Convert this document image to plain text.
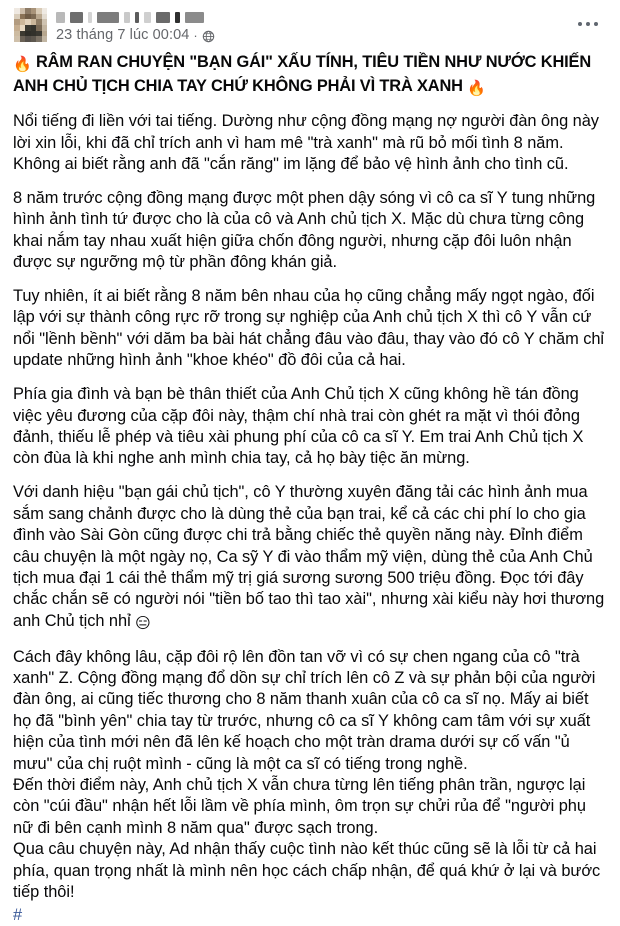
23 tháng 7 lúc 00:04 ·
🔥 RÂM RAN CHUYỆN "BẠN GÁI" XẤU TÍNH, TIÊU TIỀN NHƯ NƯỚC KHIẾN ANH CHỦ TỊCH CHIA TAY CHỨ KHÔNG PHẢI VÌ TRÀ XANH 🔥

Nổi tiếng đi liền với tai tiếng. Dường như cộng đồng mạng nợ người đàn ông này lời xin lỗi, khi đã chỉ trích anh vì ham mê "trà xanh" mà rũ bỏ mối tình 8 năm. Không ai biết rằng anh đã "cắn răng" im lặng để bảo vệ hình ảnh cho tình cũ.

8 năm trước cộng đồng mạng được một phen dậy sóng vì cô ca sĩ Y tung những hình ảnh tình tứ được cho là của cô và Anh chủ tịch X. Mặc dù chưa từng công khai nắm tay nhau xuất hiện giữa chốn đông người, nhưng cặp đôi luôn nhận được sự ngưỡng mộ từ phần đông khán giả.

Tuy nhiên, ít ai biết rằng 8 năm bên nhau của họ cũng chẳng mấy ngọt ngào, đối lập với sự thành công rực rỡ trong sự nghiệp của Anh chủ tịch X thì cô Y vẫn cứ nổi "lềnh bềnh" với dăm ba bài hát chẳng đâu vào đâu, thay vào đó cô Y chăm chỉ update những hình ảnh "khoe khéo" đồ đôi của cả hai.

Phía gia đình và bạn bè thân thiết của Anh Chủ tịch X cũng không hề tán đồng việc yêu đương của cặp đôi này, thậm chí nhà trai còn ghét ra mặt vì thói đỏng đảnh, thiếu lễ phép và tiêu xài phung phí của cô ca sĩ Y. Em trai Anh Chủ tịch X còn đùa là khi nghe anh mình chia tay, cả họ bày tiệc ăn mừng.

Với danh hiệu "bạn gái chủ tịch", cô Y thường xuyên đăng tải các hình ảnh mua sắm sang chảnh được cho là dùng thẻ của bạn trai, kể cả các chi phí lo cho gia đình vào Sài Gòn cũng được chi trả bằng chiếc thẻ quyền năng này. Đỉnh điểm câu chuyện là một ngày nọ, Ca sỹ Y đi vào thẩm mỹ viện, dùng thẻ của Anh Chủ tịch mua đại 1 cái thẻ thẩm mỹ trị giá sương sương 500 triệu đồng. Đọc tới đây chắc chắn sẽ có người nói "tiền bố tao thì tao xài", nhưng xài kiểu này hơi thương anh Chủ tịch nhỉ 😑

Cách đây không lâu, cặp đôi rộ lên đồn tan vỡ vì có sự chen ngang của cô "trà xanh" Z. Cộng đồng mạng đổ dồn sự chỉ trích lên cô Z và sự phản bội của người đàn ông, ai cũng tiếc thương cho 8 năm thanh xuân của cô ca sĩ nọ. Mấy ai biết họ đã "bình yên" chia tay từ trước, nhưng cô ca sĩ Y không cam tâm với sự xuất hiện của tình mới nên đã lên kế hoạch cho một tràn drama dưới sự cố vấn "ủ mưu" của chị ruột mình - cũng là một ca sĩ có tiếng trong nghề.

Đến thời điểm này, Anh chủ tịch X vẫn chưa từng lên tiếng phân trần, ngược lại còn "cúi đầu" nhận hết lỗi lầm về phía mình, ôm trọn sự chửi rủa để "người phụ nữ đi bên cạnh mình 8 năm qua" được sạch trong.

Qua câu chuyện này, Ad nhận thấy cuộc tình nào kết thúc cũng sẽ là lỗi từ cả hai phía, quan trọng nhất là mình nên học cách chấp nhận, để quá khứ ở lại và bước tiếp thôi!

#
